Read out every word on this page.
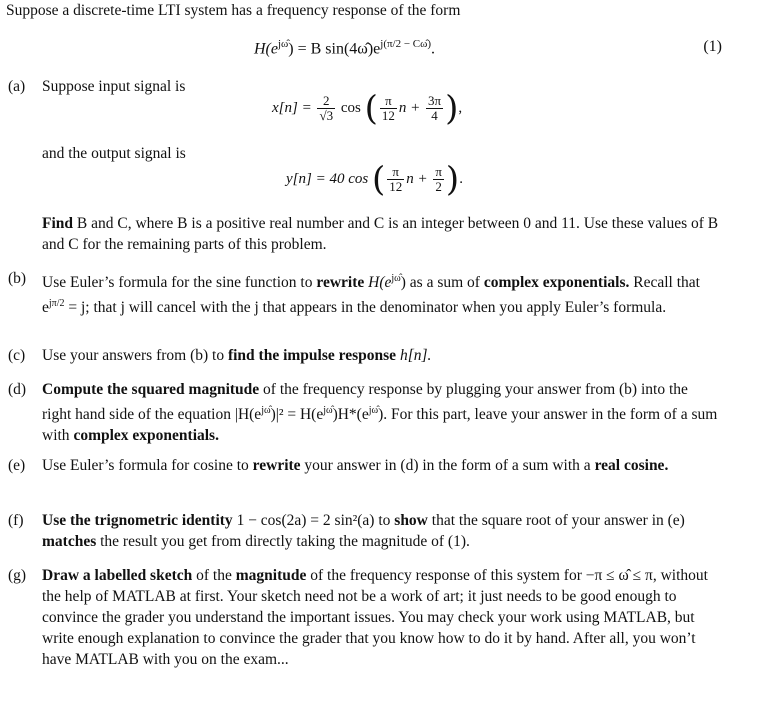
Suppose a discrete-time LTI system has a frequency response of the form
$H(e^{j\omegâ}) = B$ $\sin(4\omegâ)e^{j(\pi/2 - C\omegâ)}$.	(1)
(a) Suppose input signal is
$x[n] = \frac{2}{√3}$ cos ( $\frac{\pi}{12}$ $n + \frac{3\pi}{4}$ ),
and the output signal is
y[n] = 40 cos ( $\frac{\pi}{12}$ $n + \frac{\pi}{2}$ ).
Find B and C, where B is a positive real number and C is an integer between 0 and 11. Use these values of B and C for the remaining parts of this problem.
(b) Use Euler’s formula for the sine function to rewrite $H(e^{j\omegâ})$ as a sum of complex exponentials. Recall that $e^{j\pi/2} = j$; that j will cancel with the j that appears in the denominator when you apply Euler’s formula.
(c) Use your answers from (b) to find the impulse response h[n].
(d) Compute the squared magnitude of the frequency response by plugging your answer from (b) into the right hand side of the equation $|H(e^{j\omegâ})|^2 = H(e^{j\omegâ})H*(e^{j\omegâ})$. For this part, leave your answer in the form of a sum with complex exponentials.
(e) Use Euler’s formula for cosine to rewrite your answer in (d) in the form of a sum with a real cosine.
(f) Use the trignometric identity 1 − cos(2a) = 2 sin²(a) to show that the square root of your answer in (e) matches the result you get from directly taking the magnitude of (1).
(g) Draw a labelled sketch of the magnitude of the frequency response of this system for −π ≤ ω̂ ≤ π, without the help of MATLAB at first. Your sketch need not be a work of art; it just needs to be good enough to convince the grader you understand the important issues. You may check your work using MATLAB, but write enough explanation to convince the grader that you know how to do it by hand. After all, you won’t have MATLAB with you on the exam...
